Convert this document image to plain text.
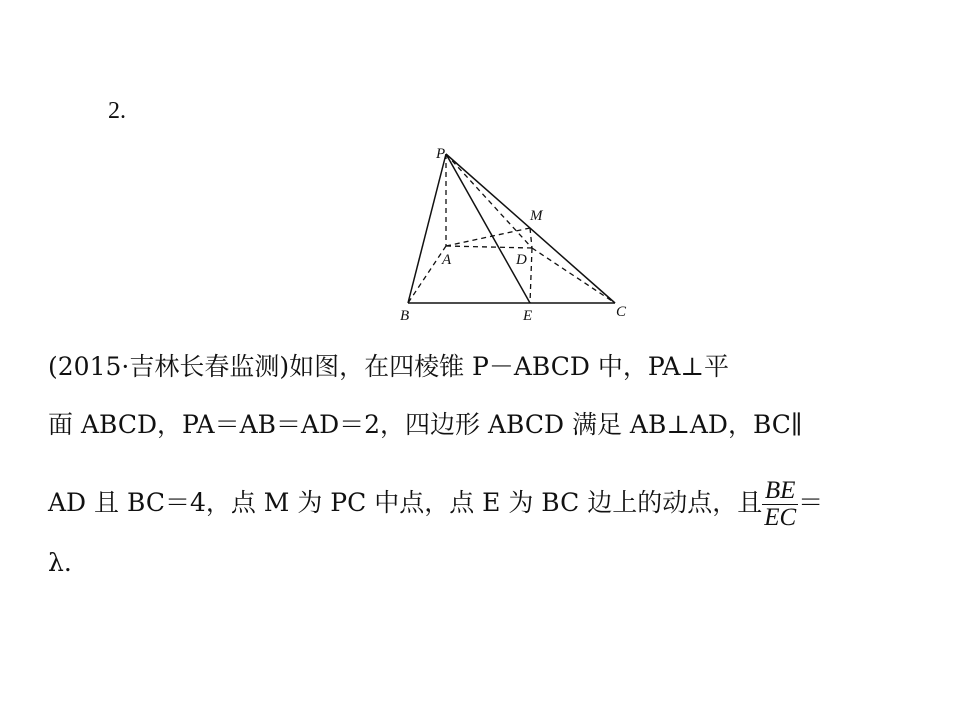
2.
P
M
A	D
B	E	C
(2015·吉林长春监测)如图，在四棱锥 P－ABCD 中，PA⊥平
面 ABCD，PA＝AB＝AD＝2，四边形 ABCD 满足 AB⊥AD，BC∥
AD 且 BC＝4，点 M 为 PC 中点，点 E 为 BC 边上的动点，且 $\frac{BE}{EC}$ ＝
λ.
